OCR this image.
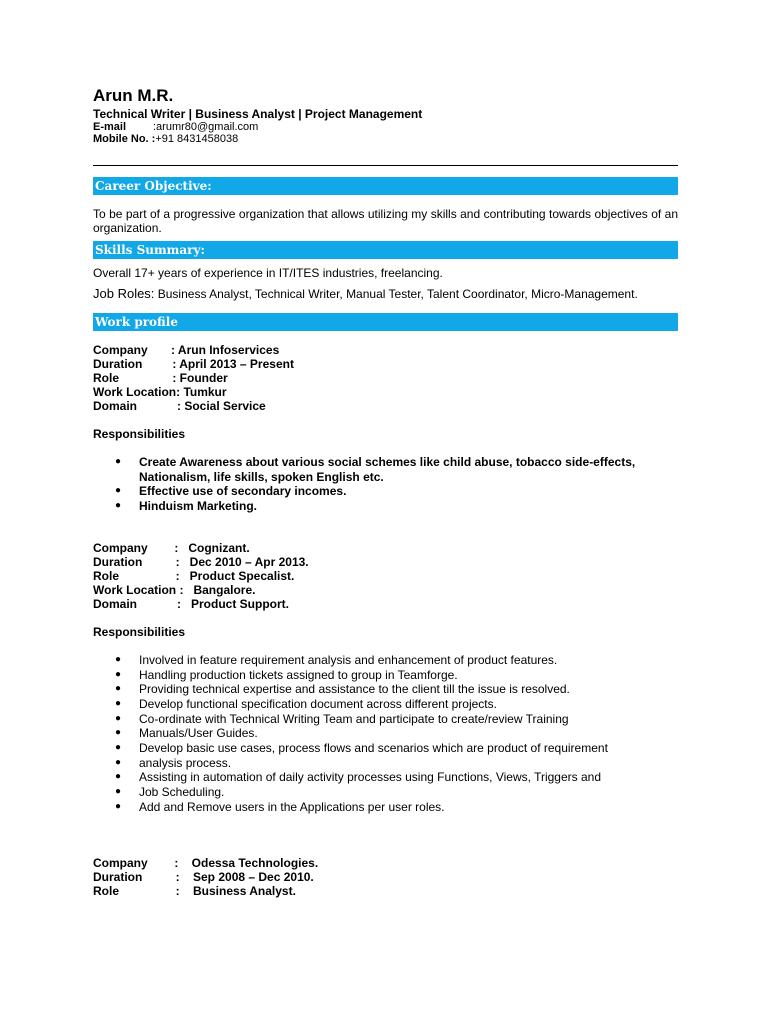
Arun M.R.
Technical Writer | Business Analyst | Project Management
E-mail :arumr80@gmail.com
Mobile No. :+91 8431458038
Career Objective:
To be part of a progressive organization that allows utilizing my skills and contributing towards objectives of an organization.
Skills Summary:
Overall 17+ years of experience in IT/ITES industries, freelancing.
Job Roles: Business Analyst, Technical Writer, Manual Tester, Talent Coordinator, Micro-Management.
Work profile
Company       : Arun Infoservices
Duration         : April 2013 – Present
Role                : Founder
Work Location: Tumkur
Domain            : Social Service
Responsibilities
● Create Awareness about various social schemes like child abuse, tobacco side-effects, Nationalism, life skills, spoken English etc.
● Effective use of secondary incomes.
● Hinduism Marketing.
Company        :   Cognizant.
Duration          :   Dec 2010 – Apr 2013.
Role                 :   Product Specalist.
Work Location :   Bangalore.
Domain            :   Product Support.
Responsibilities
● Involved in feature requirement analysis and enhancement of product features.
● Handling production tickets assigned to group in Teamforge.
● Providing technical expertise and assistance to the client till the issue is resolved.
● Develop functional specification document across different projects.
● Co-ordinate with Technical Writing Team and participate to create/review Training
● Manuals/User Guides.
● Develop basic use cases, process flows and scenarios which are product of requirement
● analysis process.
● Assisting in automation of daily activity processes using Functions, Views, Triggers and
● Job Scheduling.
● Add and Remove users in the Applications per user roles.
Company        :    Odessa Technologies.
Duration          :    Sep 2008 – Dec 2010.
Role                 :    Business Analyst.
